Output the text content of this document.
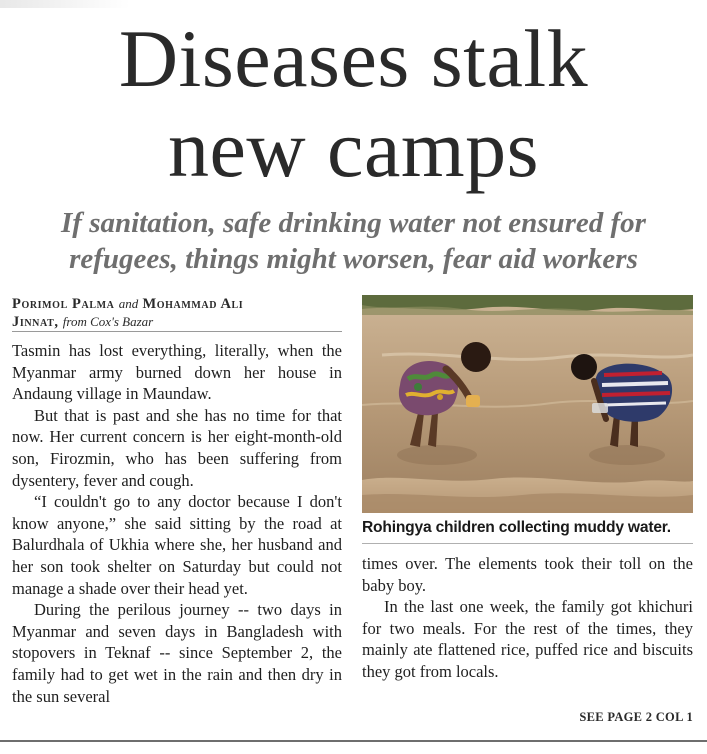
Diseases stalk
new camps
If sanitation, safe drinking water not ensured for
refugees, things might worsen, fear aid workers
Porimol Palma and Mohammad Ali
Jinnat, from Cox's Bazar

Tasmin has lost everything, literally, when the Myanmar army burned down her house in Andaung village in Maundaw.

But that is past and she has no time for that now. Her current concern is her eight-month-old son, Firozmin, who has been suffering from dysentery, fever and cough.

“I couldn't go to any doctor because I don't know anyone,” she said sitting by the road at Balurdhala of Ukhia where she, her husband and her son took shelter on Saturday but could not manage a shade over their head yet.

During the perilous journey -- two days in Myanmar and seven days in Bangladesh with stopovers in Teknaf -- since September 2, the family had to get wet in the rain and then dry in the sun several

Rohingya children collecting muddy water.

times over. The elements took their toll on the baby boy.

In the last one week, the family got khichuri for two meals. For the rest of the times, they mainly ate flattened rice, puffed rice and biscuits they got from locals.

SEE PAGE 2 COL 1
